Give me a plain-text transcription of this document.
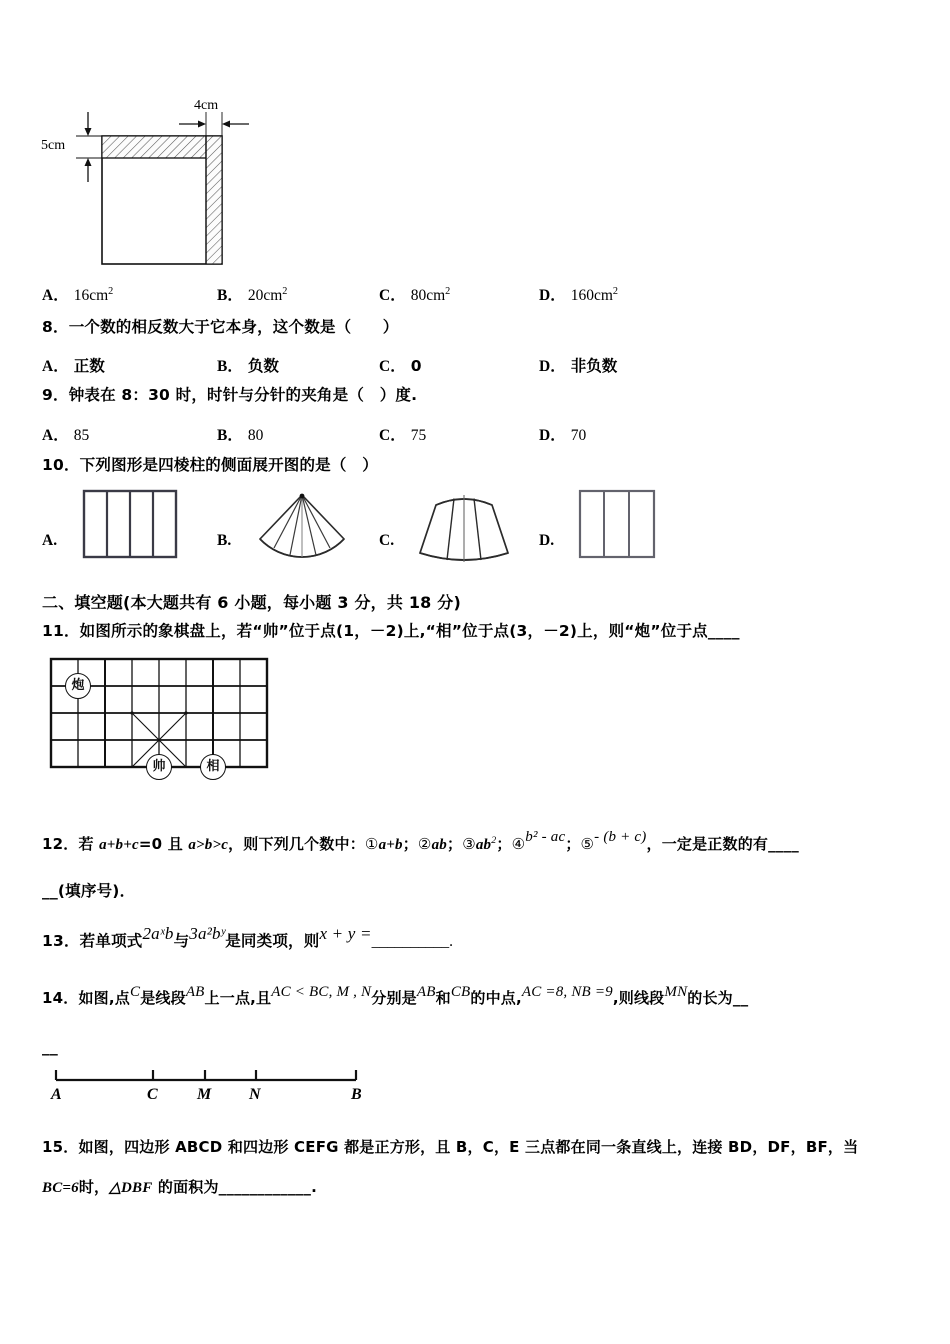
4cm
5cm
A． $16cm^2$	B． $20cm^2$	C． $80cm^2$	D． $160cm^2$
8．一个数的相反数大于它本身，这个数是（　　）
A． 正数	B． 负数	C． 0	D． 非负数
9．钟表在 8：30 时，时针与分针的夹角是（　）度.
A． 85	B． 80	C． 75	D． 70
10．下列图形是四棱柱的侧面展开图的是（　）
A.	B.	C.	D.
二、填空题(本大题共有 6 小题，每小题 3 分，共 18 分)
11．如图所示的象棋盘上，若“帅”位于点(1，－2)上,“相”位于点(3，－2)上，则“炮”位于点____
炮
帅	相
12．若 a+b+c=0 且 a>b>c，则下列几个数中：①a+b；②ab；$③ab^2$；④b² - ac；⑤- (b + c)，一定是正数的有____
__(填序号)．
13．若单项式2aˣb与3a²bʸ是同类项，则x + y =__________.
14．如图,点C是线段AB上一点,且AC < BC, M , N分别是AB和CB的中点,AC =8, NB =9,则线段MN的长为__
__
A	C M N	B
15．如图，四边形 ABCD 和四边形 CEFG 都是正方形，且 B，C，E 三点都在同一条直线上，连接 BD，DF，BF，当
BC=6时，△DBF 的面积为____________.
